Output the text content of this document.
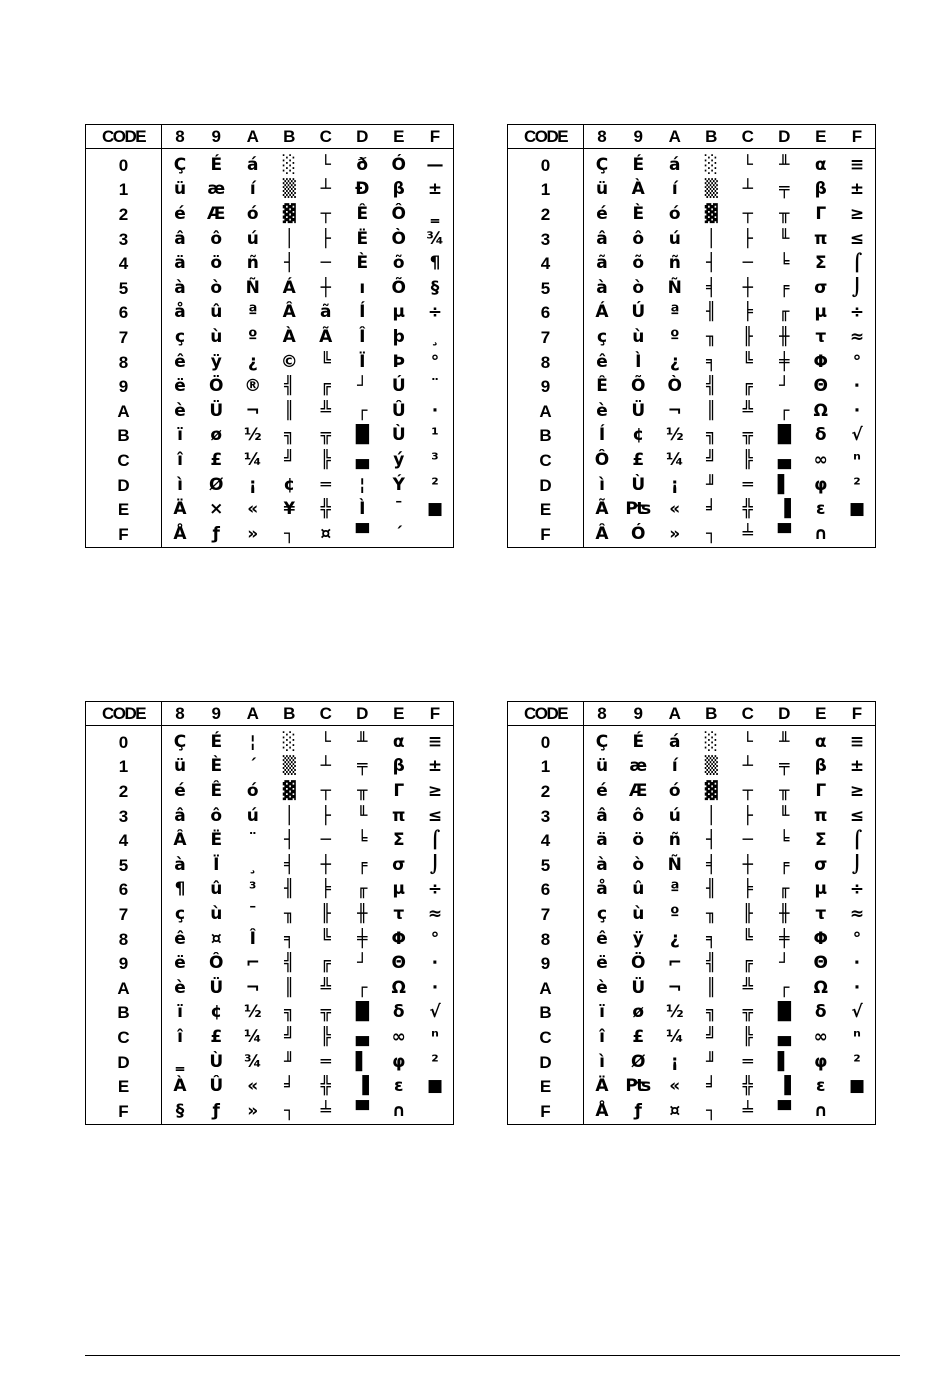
CODE	8	9	A	B	C	D	E	F
0	Ç	É	á	░	└	ð	Ó	—
1	ü	æ	í	▒	┴	Ð	β	±
2	é	Æ	ó	▓	┬	Ê	Ô	‗
3	â	ô	ú	│	├	Ë	Ò	¾
4	ä	ö	ñ	┤	─	È	õ	¶
5	à	ò	Ñ	Á	┼	ı	Õ	§
6	å	û	ª	Â	ã	Í	µ	÷
7	ç	ù	º	À	Ã	Î	þ	¸
8	ê	ÿ	¿	©	╚	Ï	Þ	°
9	ë	Ö	®	╣	╔	┘	Ú	¨
A	è	Ü	¬	║	╩	┌	Û	·
B	ï	ø	½	╗	╦	█	Ù	¹
C	î	£	¼	╝	╠	▄	ý	³
D	ì	Ø	¡	¢	═	¦	Ý	²
E	Ä	×	«	¥	╬	Ì	¯	■
F	Å	ƒ	»	┐	¤	▀	´	
CODE	8	9	A	B	C	D	E	F
0	Ç	É	á	░	└	╨	α	≡
1	ü	À	í	▒	┴	╤	β	±
2	é	È	ó	▓	┬	╥	Γ	≥
3	â	ô	ú	│	├	╙	π	≤
4	ã	õ	ñ	┤	─	╘	Σ	⌠
5	à	ò	Ñ	╡	┼	╒	σ	⌡
6	Á	Ú	ª	╢	╞	╓	µ	÷
7	ç	ù	º	╖	╟	╫	τ	≈
8	ê	Ì	¿	╕	╚	╪	Φ	°
9	Ê	Õ	Ò	╣	╔	┘	Θ	∙
A	è	Ü	¬	║	╩	┌	Ω	·
B	Í	¢	½	╗	╦	█	δ	√
C	Ô	£	¼	╝	╠	▄	∞	ⁿ
D	ì	Ù	¡	╜	═	▌	φ	²
E	Ã	₧	«	╛	╬	▐	ε	■
F	Â	Ó	»	┐	╧	▀	∩	
CODE	8	9	A	B	C	D	E	F
0	Ç	É	¦	░	└	╨	α	≡
1	ü	È	´	▒	┴	╤	β	±
2	é	Ê	ó	▓	┬	╥	Γ	≥
3	â	ô	ú	│	├	╙	π	≤
4	Â	Ë	¨	┤	─	╘	Σ	⌠
5	à	Ï	¸	╡	┼	╒	σ	⌡
6	¶	û	³	╢	╞	╓	µ	÷
7	ç	ù	¯	╖	╟	╫	τ	≈
8	ê	¤	Î	╕	╚	╪	Φ	°
9	ë	Ô	⌐	╣	╔	┘	Θ	∙
A	è	Ü	¬	║	╩	┌	Ω	·
B	ï	¢	½	╗	╦	█	δ	√
C	î	£	¼	╝	╠	▄	∞	ⁿ
D	‗	Ù	¾	╜	═	▌	φ	²
E	À	Û	«	╛	╬	▐	ε	■
F	§	ƒ	»	┐	╧	▀	∩	
CODE	8	9	A	B	C	D	E	F
0	Ç	É	á	░	└	╨	α	≡
1	ü	æ	í	▒	┴	╤	β	±
2	é	Æ	ó	▓	┬	╥	Γ	≥
3	â	ô	ú	│	├	╙	π	≤
4	ä	ö	ñ	┤	─	╘	Σ	⌠
5	à	ò	Ñ	╡	┼	╒	σ	⌡
6	å	û	ª	╢	╞	╓	µ	÷
7	ç	ù	º	╖	╟	╫	τ	≈
8	ê	ÿ	¿	╕	╚	╪	Φ	°
9	ë	Ö	⌐	╣	╔	┘	Θ	∙
A	è	Ü	¬	║	╩	┌	Ω	·
B	ï	ø	½	╗	╦	█	δ	√
C	î	£	¼	╝	╠	▄	∞	ⁿ
D	ì	Ø	¡	╜	═	▌	φ	²
E	Ä	₧	«	╛	╬	▐	ε	■
F	Å	ƒ	¤	┐	╧	▀	∩	
